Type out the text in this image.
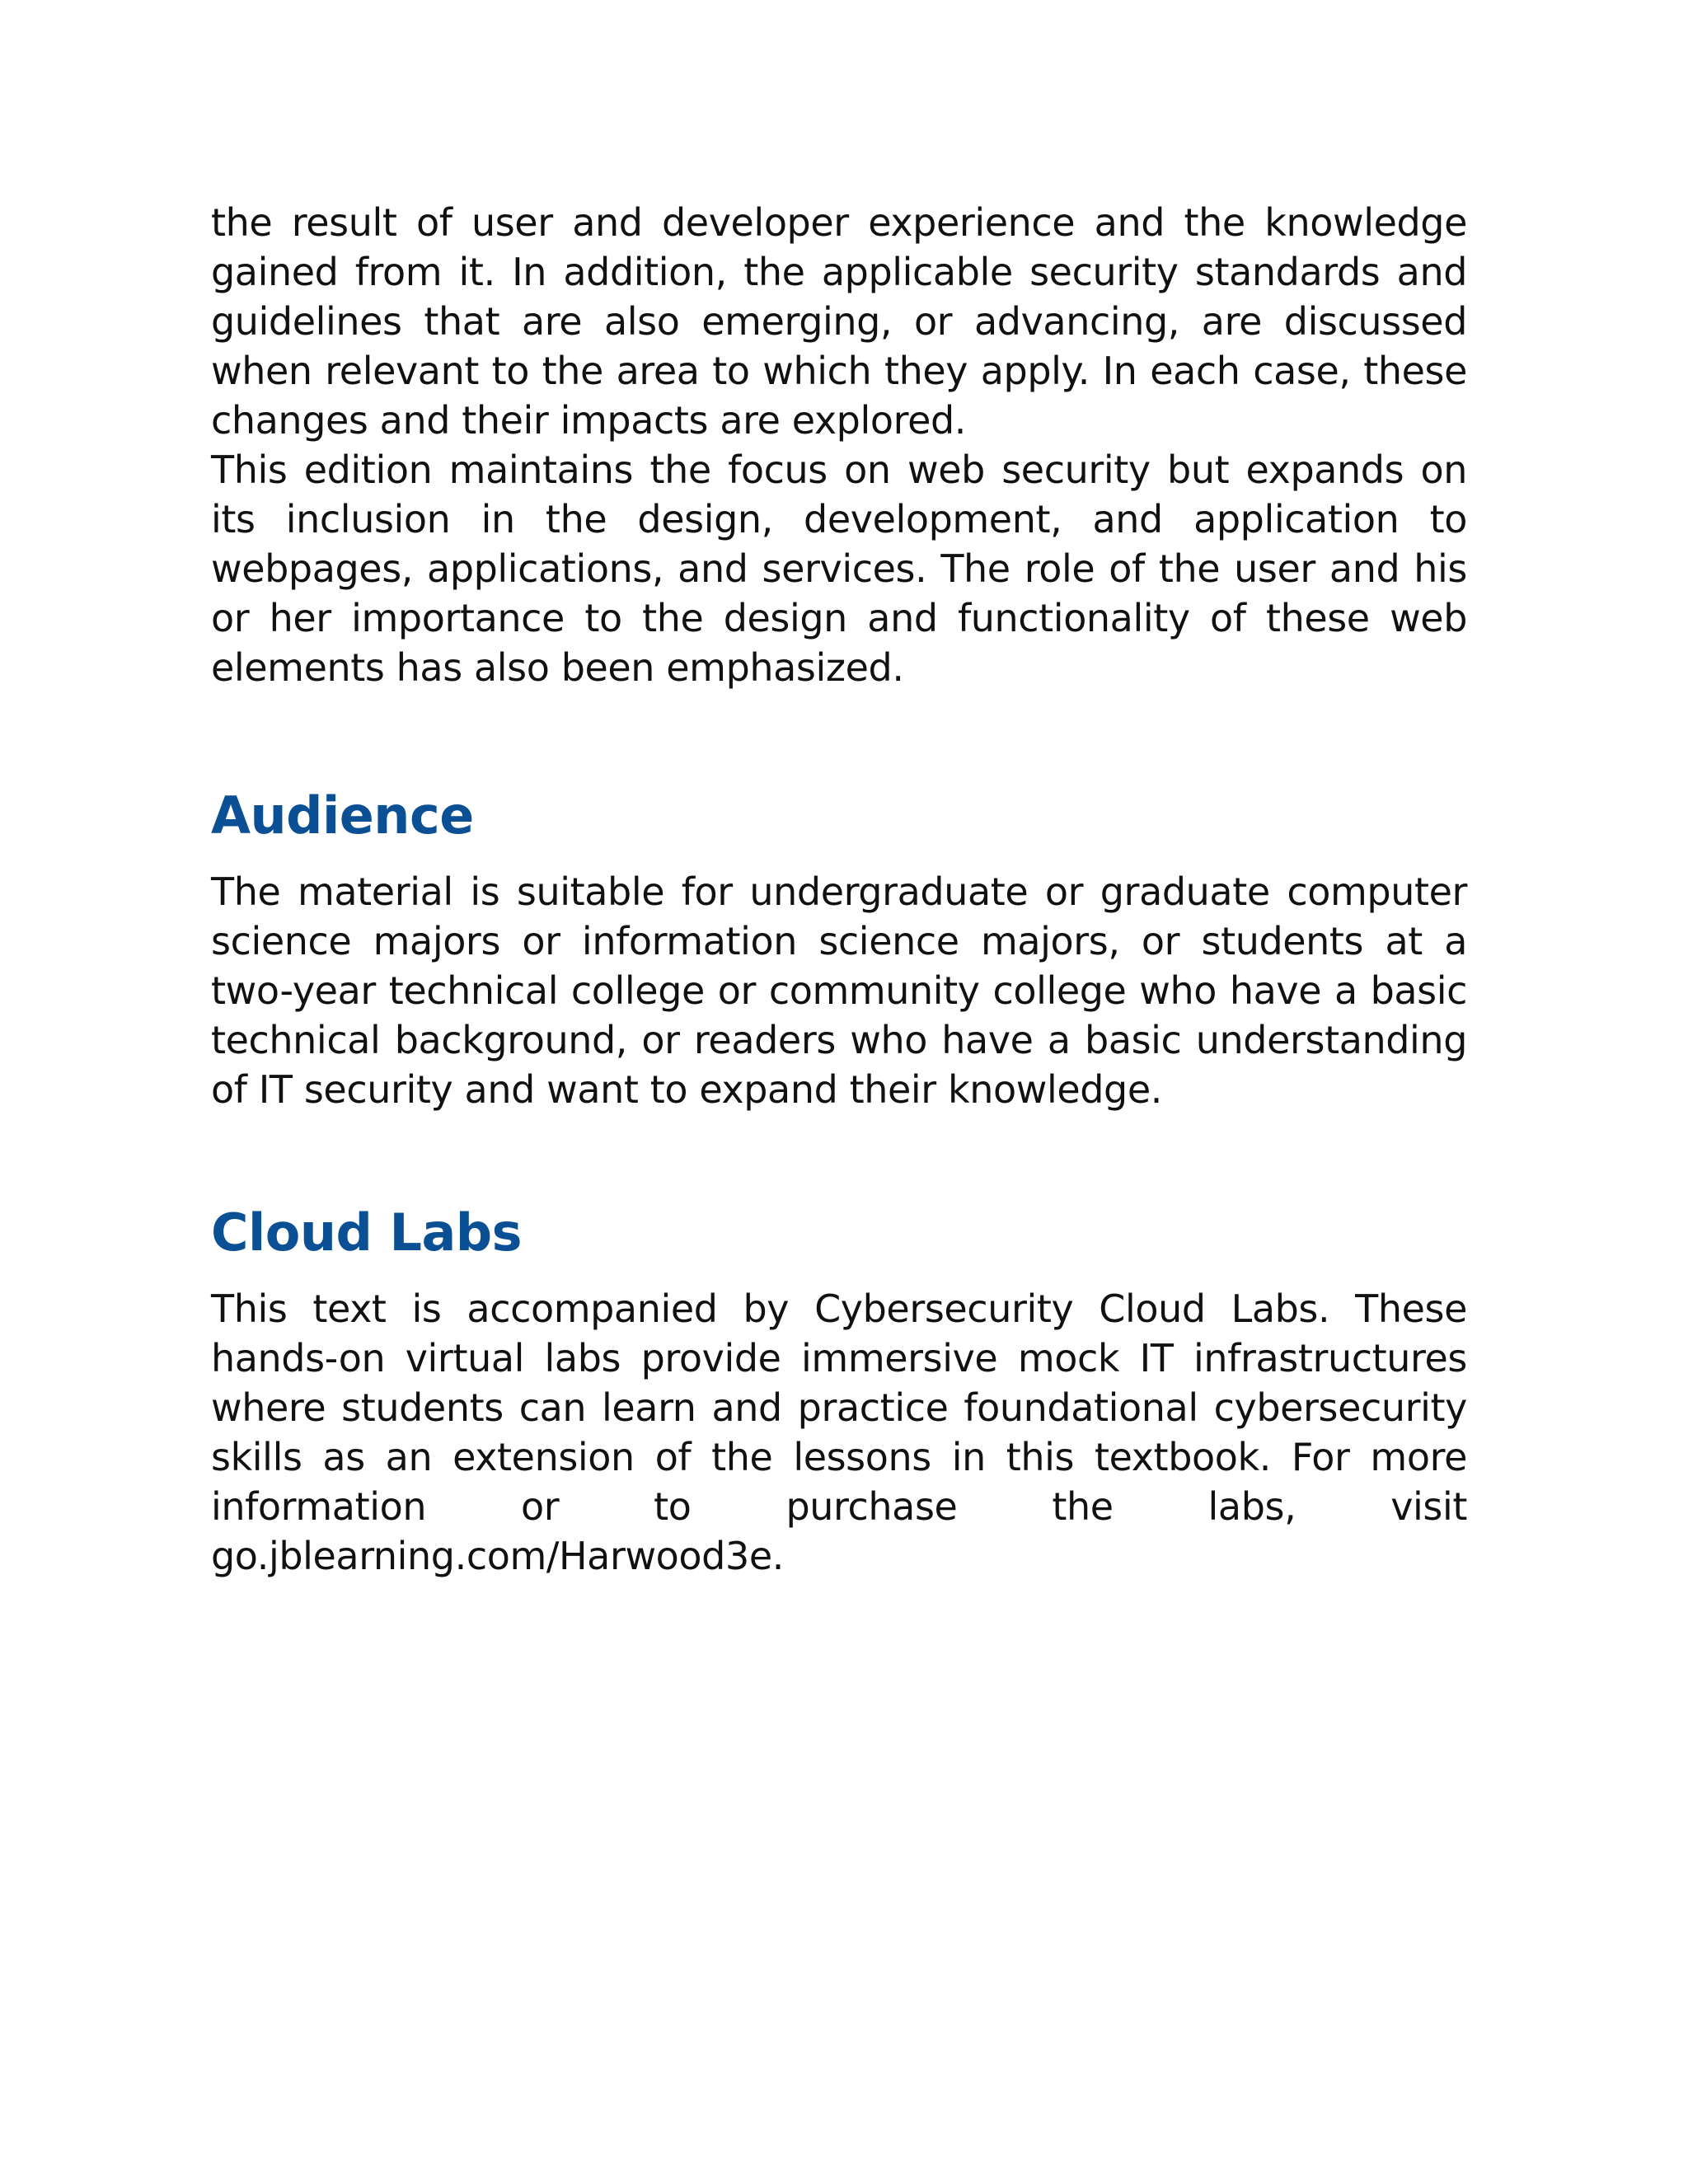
the result of user and developer experience and the knowledge gained from it. In addition, the applicable security standards and guidelines that are also emerging, or advancing, are discussed when relevant to the area to which they apply. In each case, these changes and their impacts are explored.

This edition maintains the focus on web security but expands on its inclusion in the design, development, and application to webpages, applications, and services. The role of the user and his or her importance to the design and functionality of these web elements has also been emphasized.

Audience

The material is suitable for undergraduate or graduate computer science majors or information science majors, or students at a two-year technical college or community college who have a basic technical background, or readers who have a basic understanding of IT security and want to expand their knowledge.

Cloud Labs

This text is accompanied by Cybersecurity Cloud Labs. These hands-on virtual labs provide immersive mock IT infrastructures where students can learn and practice foundational cybersecurity skills as an extension of the lessons in this textbook. For more information or to purchase the labs, visit go.jblearning.com/Harwood3e.
